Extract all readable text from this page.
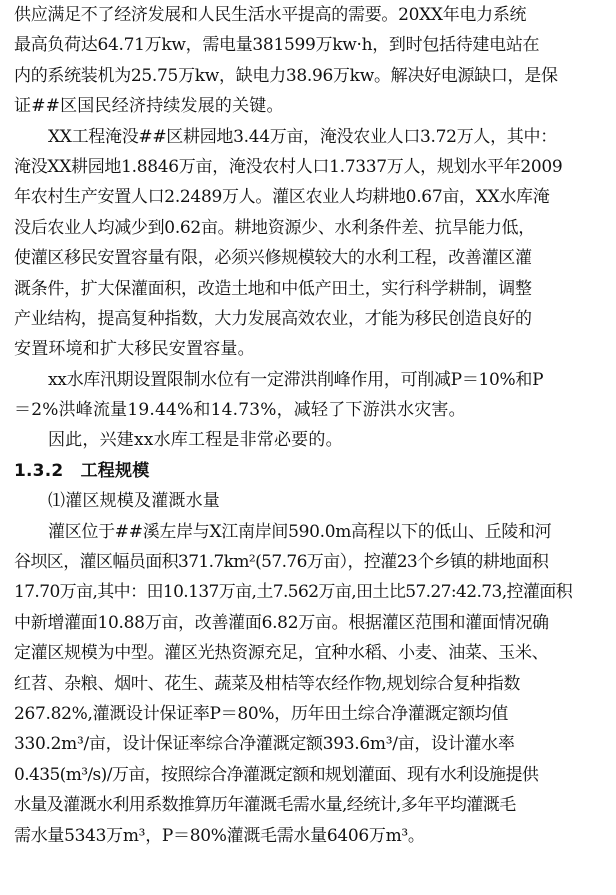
供应满足不了经济发展和人民生活水平提高的需要。20XX年电力系统
最高负荷达64.71万kw，需电量381599万kw·h，到时包括待建电站在
内的系统装机为25.75万kw，缺电力38.96万kw。解决好电源缺口，是保
证##区国民经济持续发展的关键。
XX工程淹没##区耕园地3.44万亩，淹没农业人口3.72万人，其中：
淹没XX耕园地1.8846万亩，淹没农村人口1.7337万人，规划水平年2009
年农村生产安置人口2.2489万人。灌区农业人均耕地0.67亩，XX水库淹
没后农业人均减少到0.62亩。耕地资源少、水利条件差、抗旱能力低，
使灌区移民安置容量有限，必须兴修规模较大的水利工程，改善灌区灌
溉条件，扩大保灌面积，改造土地和中低产田土，实行科学耕制，调整
产业结构，提高复种指数，大力发展高效农业，才能为移民创造良好的
安置环境和扩大移民安置容量。
xx水库汛期设置限制水位有一定滞洪削峰作用，可削减P＝10%和P
＝2%洪峰流量19.44%和14.73%，减轻了下游洪水灾害。
因此，兴建xx水库工程是非常必要的。
1.3.2　工程规模
⑴灌区规模及灌溉水量
灌区位于##溪左岸与X江南岸间590.0m高程以下的低山、丘陵和河
谷坝区，灌区幅员面积371.7km²(57.76万亩），控灌23个乡镇的耕地面积
17.70万亩,其中：田10.137万亩,土7.562万亩,田土比57.27:42.73,控灌面积
中新增灌面10.88万亩，改善灌面6.82万亩。根据灌区范围和灌面情况确
定灌区规模为中型。灌区光热资源充足，宜种水稻、小麦、油菜、玉米、
红苕、杂粮、烟叶、花生、蔬菜及柑桔等农经作物,规划综合复种指数
267.82%,灌溉设计保证率P＝80%，历年田土综合净灌溉定额均值
330.2m³/亩，设计保证率综合净灌溉定额393.6m³/亩，设计灌水率
0.435(m³/s)/万亩，按照综合净灌溉定额和规划灌面、现有水利设施提供
水量及灌溉水利用系数推算历年灌溉毛需水量,经统计,多年平均灌溉毛
需水量5343万m³，P＝80%灌溉毛需水量6406万m³。
